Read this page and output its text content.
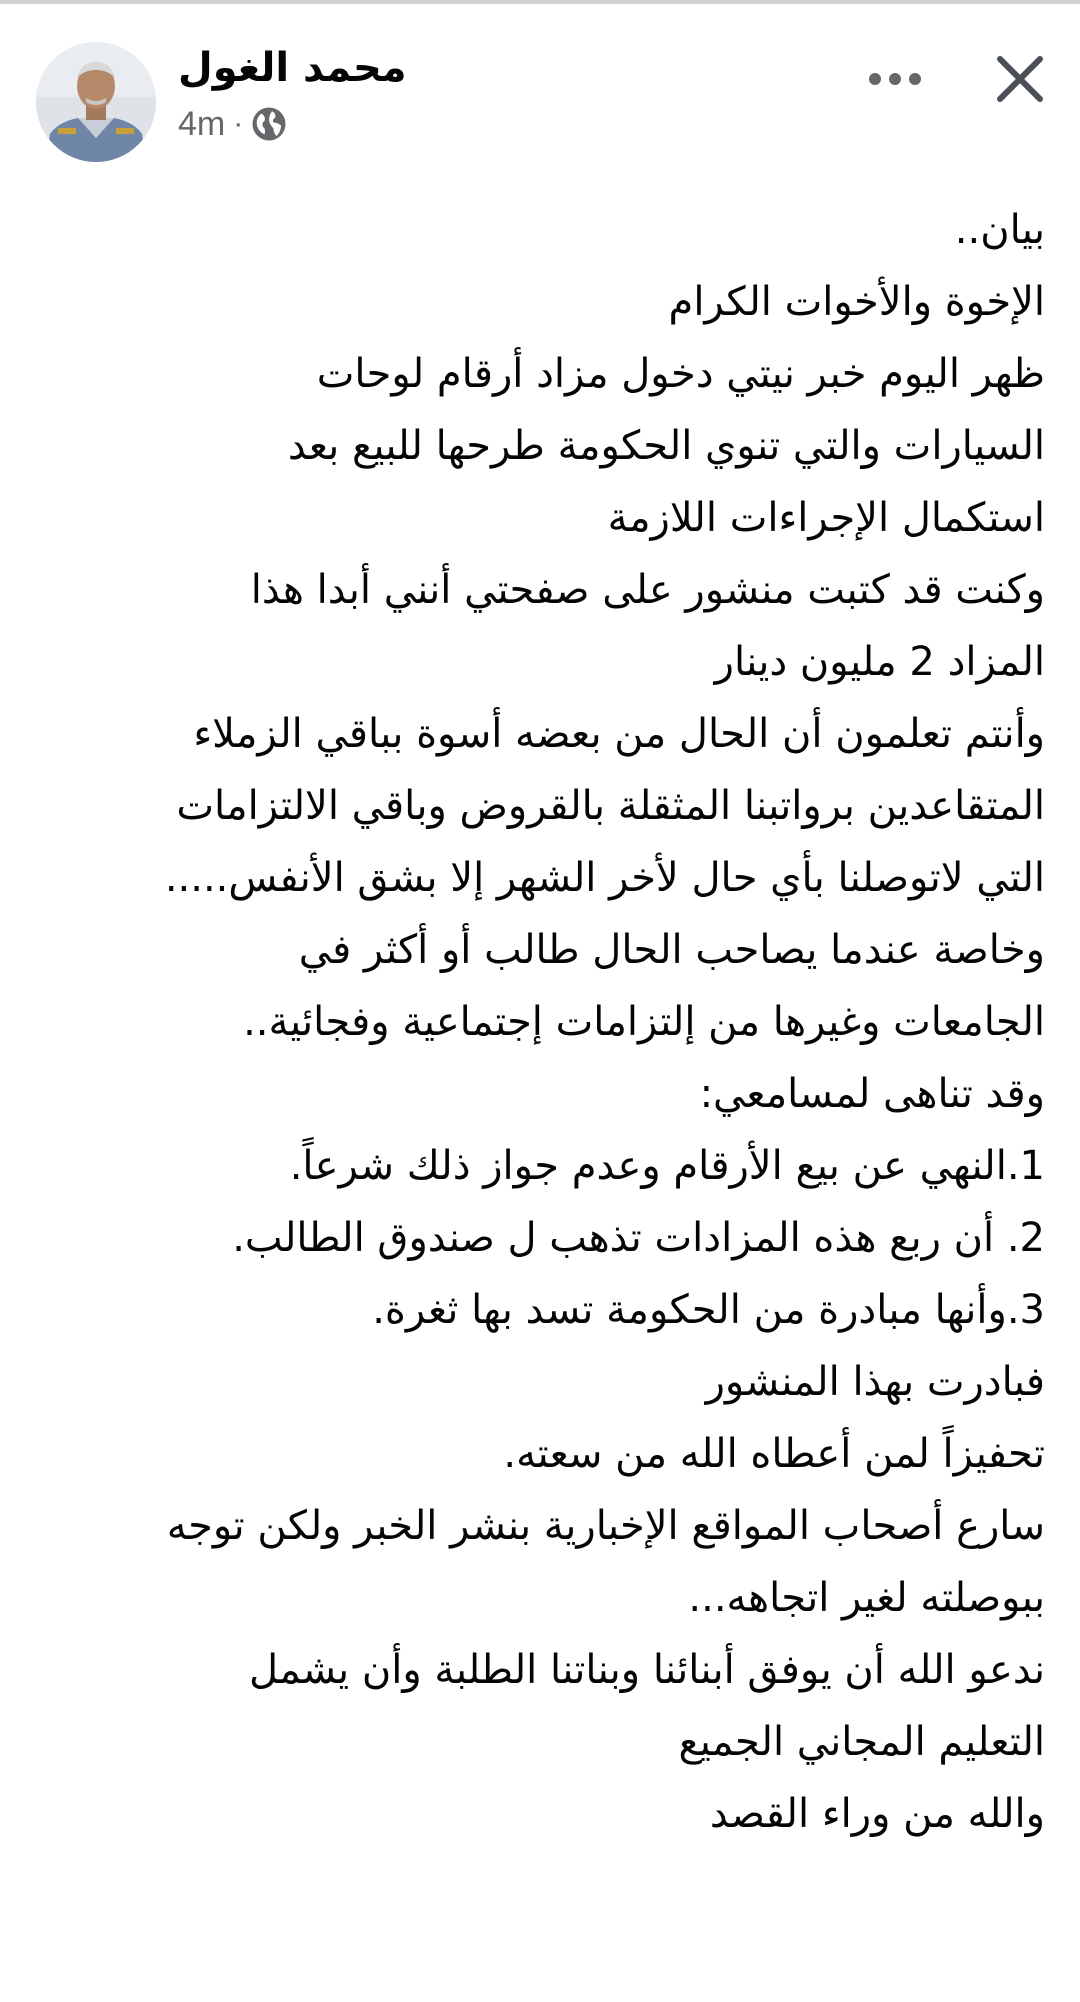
محمد الغول
4m ·
بيان..
الإخوة والأخوات الكرام
ظهر اليوم خبر نيتي دخول مزاد أرقام لوحات
السيارات والتي تنوي الحكومة طرحها للبيع بعد
استكمال الإجراءات اللازمة
وكنت قد كتبت منشور على صفحتي أنني أبدا هذا
المزاد 2 مليون دينار
وأنتم تعلمون أن الحال من بعضه أسوة بباقي الزملاء
المتقاعدين برواتبنا المثقلة بالقروض وباقي الالتزامات
التي لاتوصلنا بأي حال لأخر الشهر إلا بشق الأنفس.....
وخاصة عندما يصاحب الحال طالب أو أكثر في
الجامعات وغيرها من إلتزامات إجتماعية وفجائية..
وقد تناهى لمسامعي:
1.النهي عن بيع الأرقام وعدم جواز ذلك شرعاً.
2. أن ربع هذه المزادات تذهب ل صندوق الطالب.
3.وأنها مبادرة من الحكومة تسد بها ثغرة.
فبادرت بهذا المنشور
تحفيزاً لمن أعطاه الله من سعته.
سارع أصحاب المواقع الإخبارية بنشر الخبر ولكن توجه
ببوصلته لغير اتجاهه...
ندعو الله أن يوفق أبنائنا وبناتنا الطلبة وأن يشمل
التعليم المجاني الجميع
والله من وراء القصد
